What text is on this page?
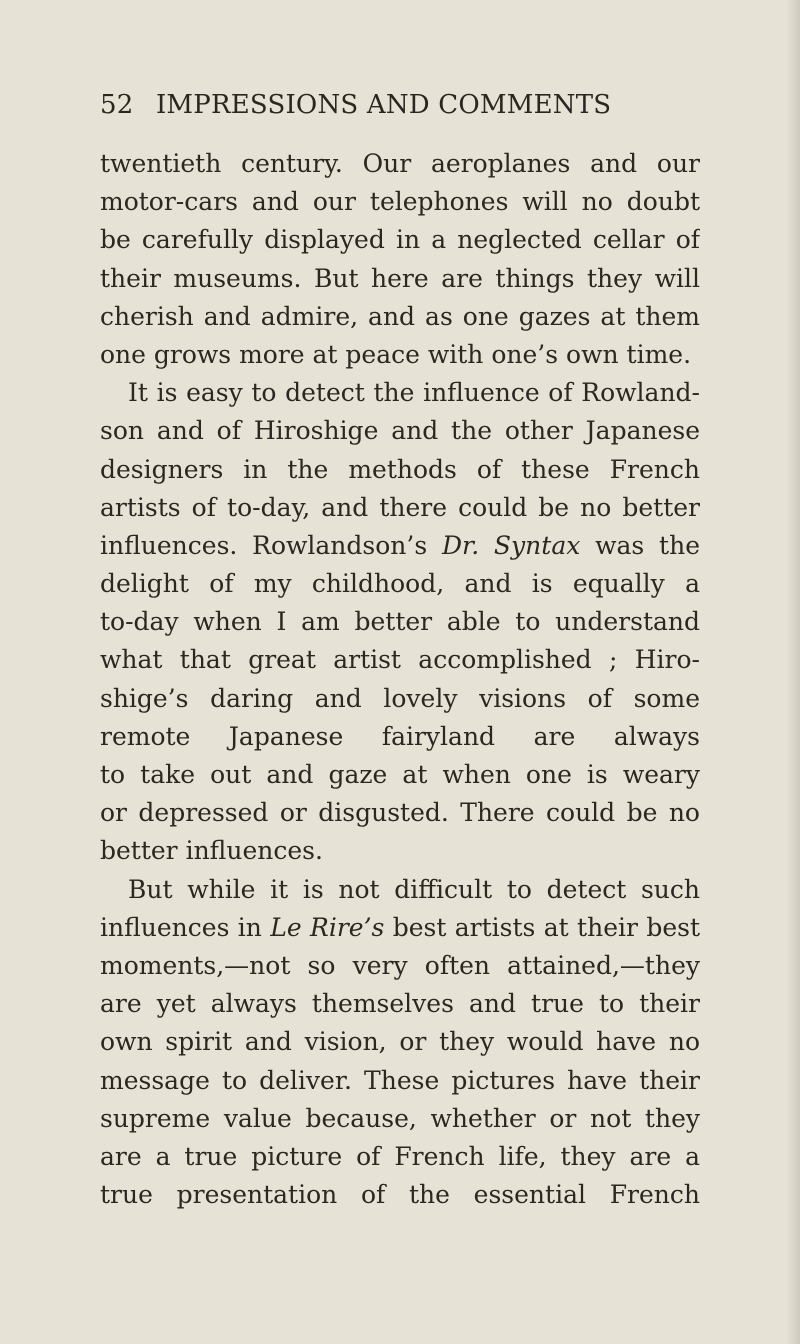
52 IMPRESSIONS AND COMMENTS
twentieth century. Our aeroplanes and our
motor-cars and our telephones will no doubt
be carefully displayed in a neglected cellar of
their museums. But here are things they will
cherish and admire, and as one gazes at them
one grows more at peace with one’s own time.
It is easy to detect the influence of Rowland-
son and of Hiroshige and the other Japanese
designers in the methods of these French
artists of to-day, and there could be no better
influences. Rowlandson’s Dr. Syntax was the
delight of my childhood, and is equally a
to-day when I am better able to understand
what that great artist accomplished ; Hiro-
shige’s daring and lovely visions of some
remote Japanese fairyland are always
to take out and gaze at when one is weary
or depressed or disgusted. There could be no
better influences.
But while it is not difficult to detect such
influences in Le Rire’s best artists at their best
moments,—not so very often attained,—they
are yet always themselves and true to their
own spirit and vision, or they would have no
message to deliver. These pictures have their
supreme value because, whether or not they
are a true picture of French life, they are a
true presentation of the essential French
